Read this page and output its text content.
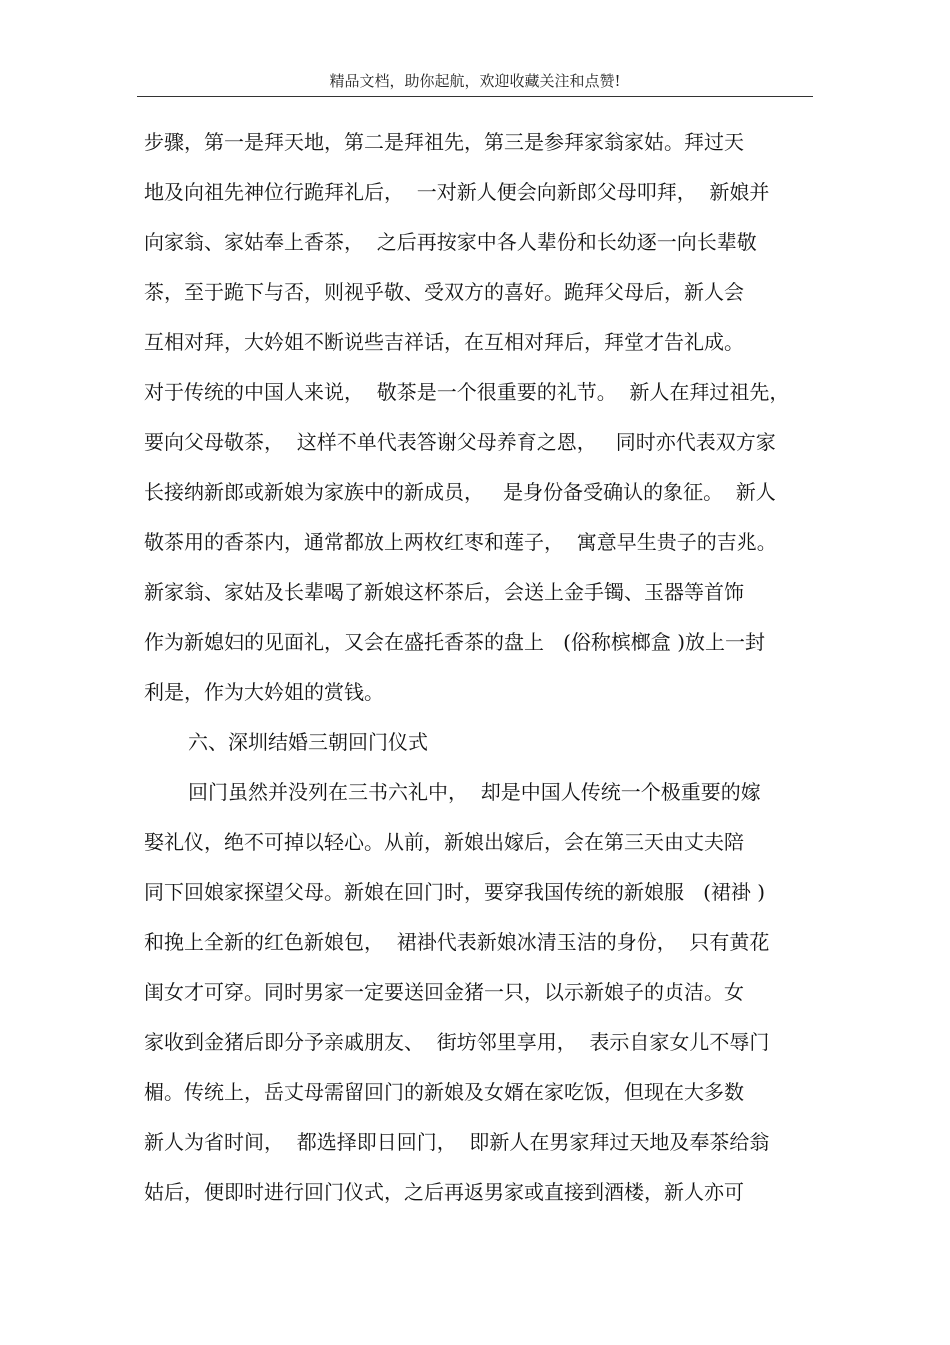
精品文档，助你起航，欢迎收藏关注和点赞!
步骤，第一是拜天地，第二是拜祖先，第三是参拜家翁家姑。拜过天
地及向祖先神位行跪拜礼后，  一对新人便会向新郎父母叩拜，  新娘并
向家翁、家姑奉上香茶，  之后再按家中各人辈份和长幼逐一向长辈敬
茶，至于跪下与否，则视乎敬、受双方的喜好。跪拜父母后，新人会
互相对拜，大妗姐不断说些吉祥话，在互相对拜后，拜堂才告礼成。
对于传统的中国人来说，  敬茶是一个很重要的礼节。  新人在拜过祖先，
要向父母敬茶，  这样不单代表答谢父母养育之恩，   同时亦代表双方家
长接纳新郎或新娘为家族中的新成员，   是身份备受确认的象征。  新人
敬茶用的香茶内，通常都放上两枚红枣和莲子，  寓意早生贵子的吉兆。
新家翁、家姑及长辈喝了新娘这杯茶后，会送上金手镯、玉器等首饰
作为新媳妇的见面礼，又会在盛托香茶的盘上   (俗称槟榔盒 )放上一封
利是，作为大妗姐的赏钱。
六、深圳结婚三朝回门仪式
回门虽然并没列在三书六礼中，  却是中国人传统一个极重要的嫁
娶礼仪，绝不可掉以轻心。从前，新娘出嫁后，会在第三天由丈夫陪
同下回娘家探望父母。新娘在回门时，要穿我国传统的新娘服   (裙褂 )
和挽上全新的红色新娘包，  裙褂代表新娘冰清玉洁的身份，  只有黄花
闺女才可穿。同时男家一定要送回金猪一只，以示新娘子的贞洁。女
家收到金猪后即分予亲戚朋友、  街坊邻里享用，  表示自家女儿不辱门
楣。传统上，岳丈母需留回门的新娘及女婿在家吃饭，但现在大多数
新人为省时间，  都选择即日回门，  即新人在男家拜过天地及奉茶给翁
姑后，便即时进行回门仪式，之后再返男家或直接到酒楼，新人亦可
